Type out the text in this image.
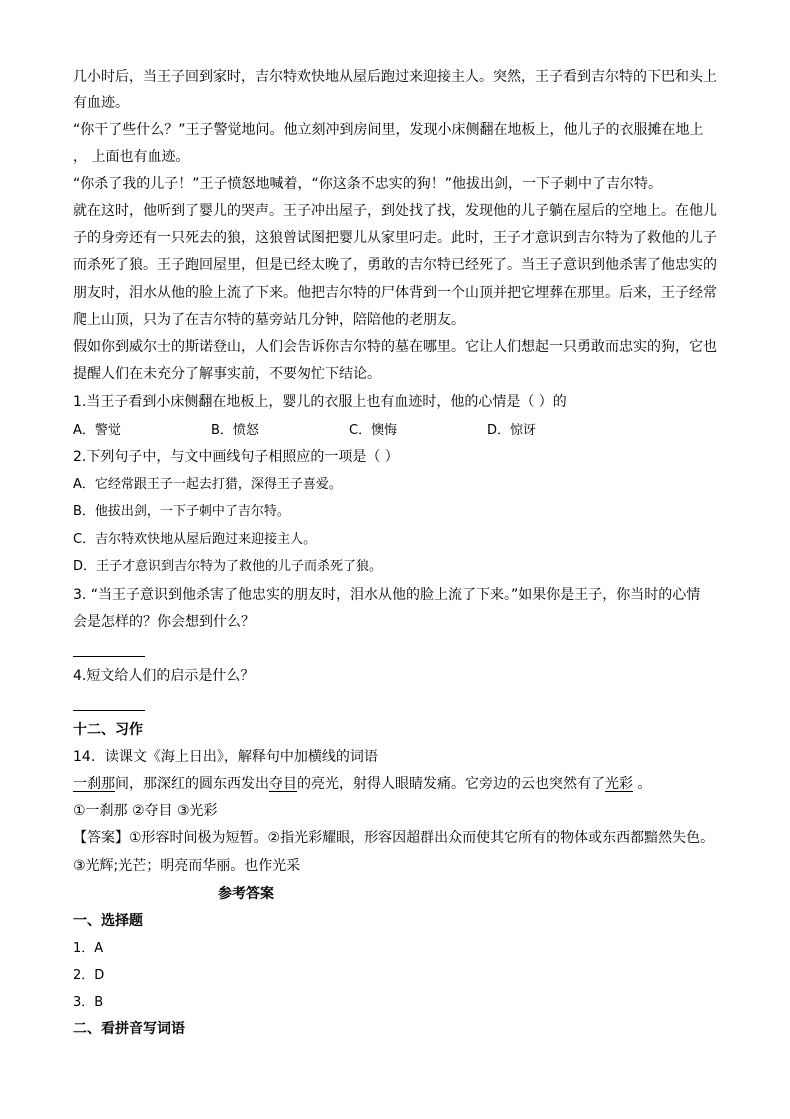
几小时后，当王子回到家时，吉尔特欢快地从屋后跑过来迎接主人。突然，王子看到吉尔特的下巴和头上
有血迹。
“你干了些什么？”王子警觉地问。他立刻冲到房间里，发现小床侧翻在地板上，他儿子的衣服摊在地上
， 上面也有血迹。
“你杀了我的儿子！”王子愤怒地喊着，“你这条不忠实的狗！”他拔出剑，一下子刺中了吉尔特。
就在这时，他听到了婴儿的哭声。王子冲出屋子，到处找了找，发现他的儿子躺在屋后的空地上。在他儿
子的身旁还有一只死去的狼，这狼曾试图把婴儿从家里叼走。此时，王子才意识到吉尔特为了救他的儿子
而杀死了狼。王子跑回屋里，但是已经太晚了，勇敢的吉尔特已经死了。当王子意识到他杀害了他忠实的
朋友时，泪水从他的脸上流了下来。他把吉尔特的尸体背到一个山顶并把它埋葬在那里。后来，王子经常
爬上山顶，只为了在吉尔特的墓旁站几分钟，陪陪他的老朋友。
假如你到威尔士的斯诺登山，人们会告诉你吉尔特的墓在哪里。它让人们想起一只勇敢而忠实的狗，它也
提醒人们在未充分了解事实前，不要匆忙下结论。
1.当王子看到小床侧翻在地板上，婴儿的衣服上也有血迹时，他的心情是（ ）的
A．警觉	B．愤怒	C．懊悔	D．惊讶
2.下列句子中，与文中画线句子相照应的一项是（ ）
A．它经常跟王子一起去打猎，深得王子喜爱。
B．他拔出剑，一下子刺中了吉尔特。
C．吉尔特欢快地从屋后跑过来迎接主人。
D．王子才意识到吉尔特为了救他的儿子而杀死了狼。
3. “当王子意识到他杀害了他忠实的朋友时，泪水从他的脸上流了下来。”如果你是王子，你当时的心情
会是怎样的？你会想到什么？
4.短文给人们的启示是什么？
十二、习作
14．读课文《海上日出》，解释句中加横线的词语
一刹那间，那深红的圆东西发出夺目的亮光，射得人眼睛发痛。它旁边的云也突然有了光彩 。
①一刹那 ②夺目 ③光彩
【答案】①形容时间极为短暂。②指光彩耀眼，形容因超群出众而使其它所有的物体或东西都黯然失色。
③光辉;光芒；明亮而华丽。也作光采
参考答案
一、选择题
1．A
2．D
3．B
二、看拼音写词语
